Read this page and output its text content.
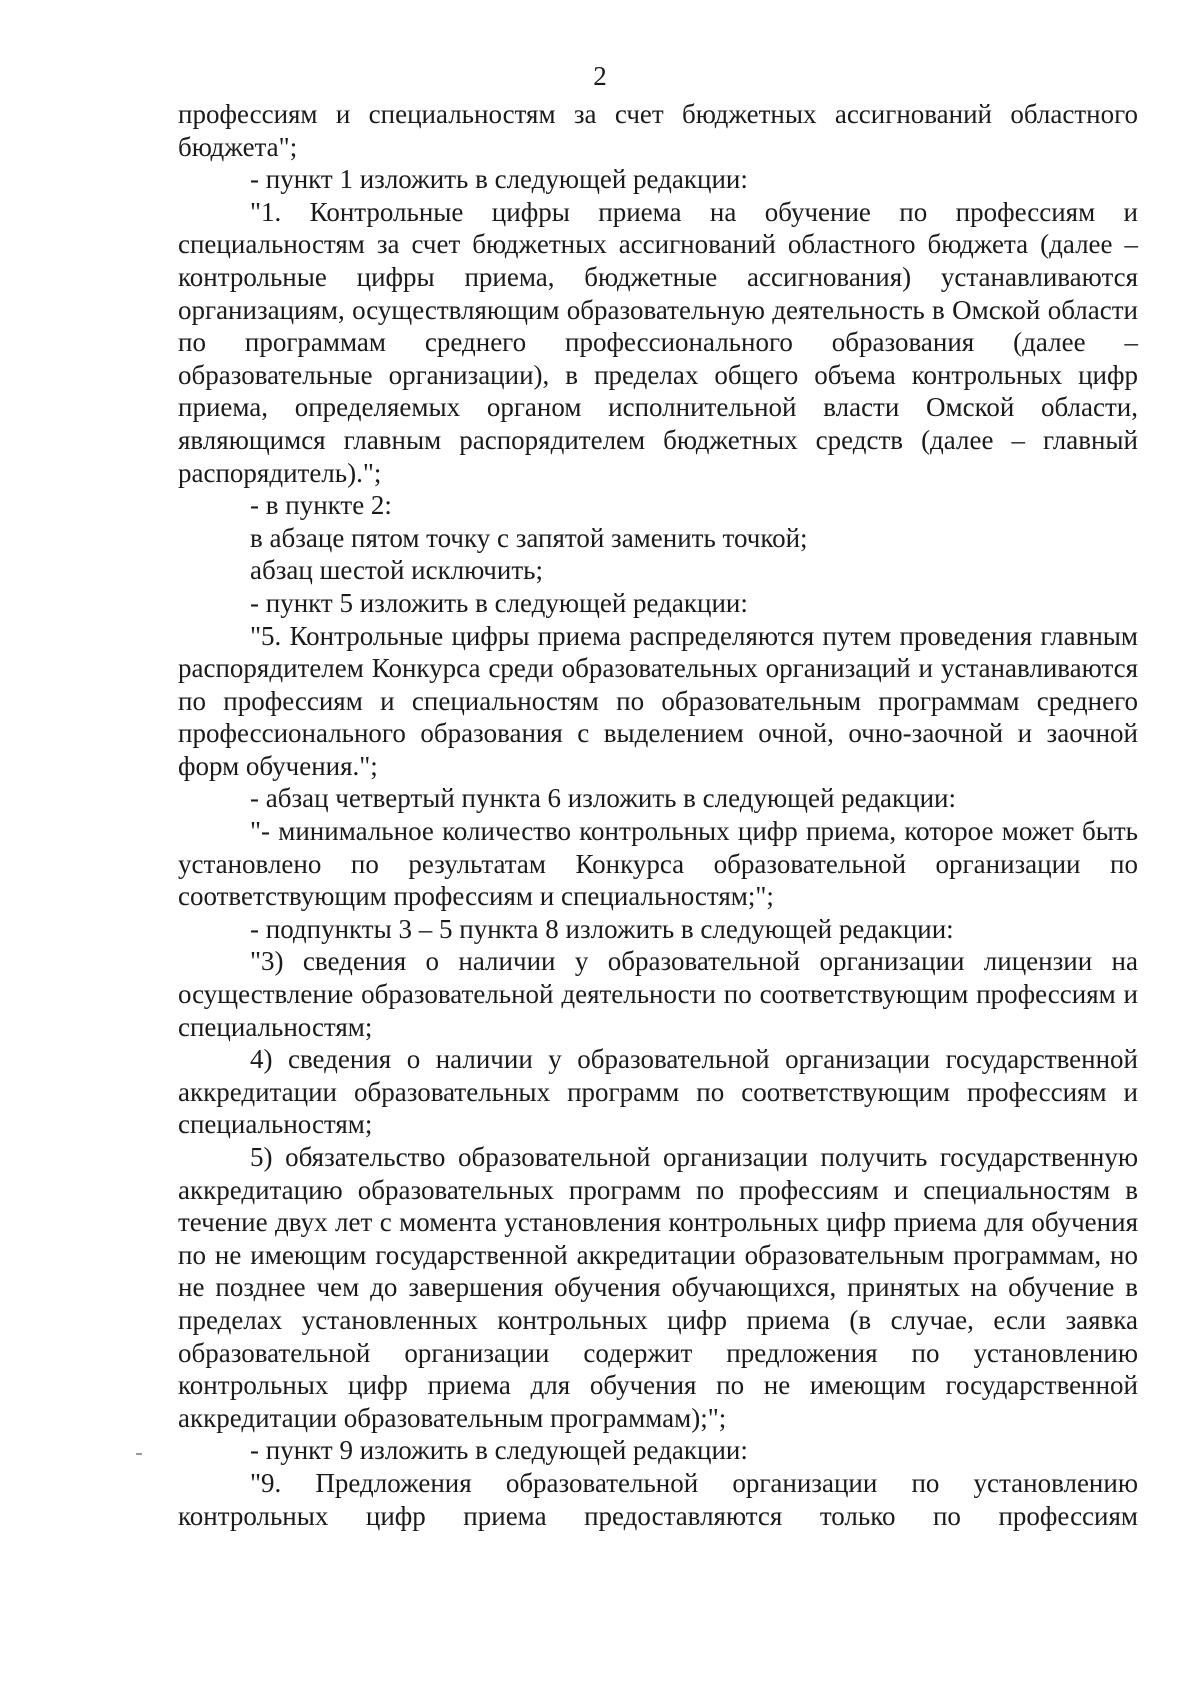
2

профессиям и специальностям за счет бюджетных ассигнований областного бюджета";

- пункт 1 изложить в следующей редакции:

"1. Контрольные цифры приема на обучение по профессиям и специальностям за счет бюджетных ассигнований областного бюджета (далее – контрольные цифры приема, бюджетные ассигнования) устанавливаются организациям, осуществляющим образовательную деятельность в Омской области по программам среднего профессионального образования (далее – образовательные организации), в пределах общего объема контрольных цифр приема, определяемых органом исполнительной власти Омской области, являющимся главным распорядителем бюджетных средств (далее – главный распорядитель).";

- в пункте 2:

в абзаце пятом точку с запятой заменить точкой;

абзац шестой исключить;

- пункт 5 изложить в следующей редакции:

"5. Контрольные цифры приема распределяются путем проведения главным распорядителем Конкурса среди образовательных организаций и устанавливаются по профессиям и специальностям по образовательным программам среднего профессионального образования с выделением очной, очно-заочной и заочной форм обучения.";

- абзац четвертый пункта 6 изложить в следующей редакции:

"- минимальное количество контрольных цифр приема, которое может быть установлено по результатам Конкурса образовательной организации по соответствующим профессиям и специальностям;";

- подпункты 3 – 5 пункта 8 изложить в следующей редакции:

"3) сведения о наличии у образовательной организации лицензии на осуществление образовательной деятельности по соответствующим профессиям и специальностям;

4) сведения о наличии у образовательной организации государственной аккредитации образовательных программ по соответствующим профессиям и специальностям;

5) обязательство образовательной организации получить государственную аккредитацию образовательных программ по профессиям и специальностям в течение двух лет с момента установления контрольных цифр приема для обучения по не имеющим государственной аккредитации образовательным программам, но не позднее чем до завершения обучения обучающихся, принятых на обучение в пределах установленных контрольных цифр приема (в случае, если заявка образовательной организации содержит предложения по установлению контрольных цифр приема для обучения по не имеющим государственной аккредитации образовательным программам);";

- пункт 9 изложить в следующей редакции:

"9. Предложения образовательной организации по установлению контрольных цифр приема предоставляются только по профессиям
